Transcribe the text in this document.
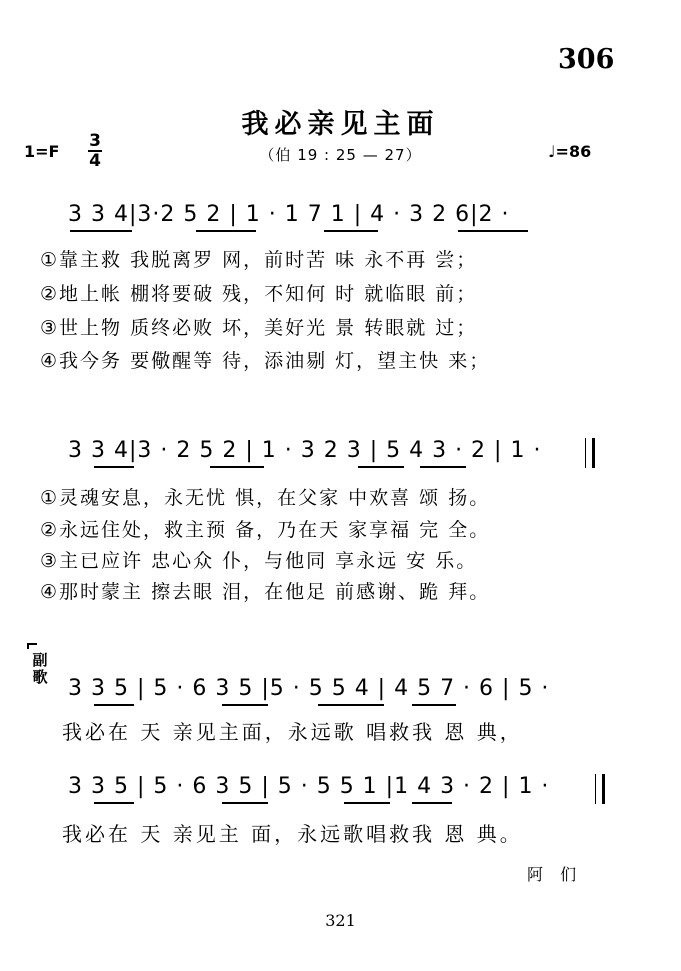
306
我必亲见主面
（伯 19 : 25 — 27）
1=F
3
4	♩=86
3 3 4|3·2 5 2 | 1 · 1 7 1 | 4 · 3 2 6|2 ·
①靠主救 我脱离罗 网，前时苦 味 永不再 尝；
②地上帐 棚将要破 残，不知何 时 就临眼 前；
③世上物 质终必败 坏，美好光 景 转眼就 过；
④我今务 要儆醒等 待，添油剔 灯，望主快 来；
3 3 4|3 · 2 5 2 | 1 · 3 2 3 | 5 4 3 · 2 | 1 ·
①灵魂安息，永无忧 惧，在父家 中欢喜 颂 扬。
②永远住处，救主预 备，乃在天 家享福 完 全。
③主已应许 忠心众 仆，与他同 享永远 安 乐。
④那时蒙主 擦去眼 泪，在他足 前感谢、跪 拜。
副歌 3 3 5 | 5 · 6 3 5 |5 · 5 5 4 | 4 5 7 · 6 | 5 ·
我必在 天 亲见主面，永远歌 唱救我 恩 典，
3 3 5 | 5 · 6 3 5 | 5 · 5 5 1 |1 4 3 · 2 | 1 ·
我必在 天 亲见主 面，永远歌唱救我 恩 典。
阿 们
321
